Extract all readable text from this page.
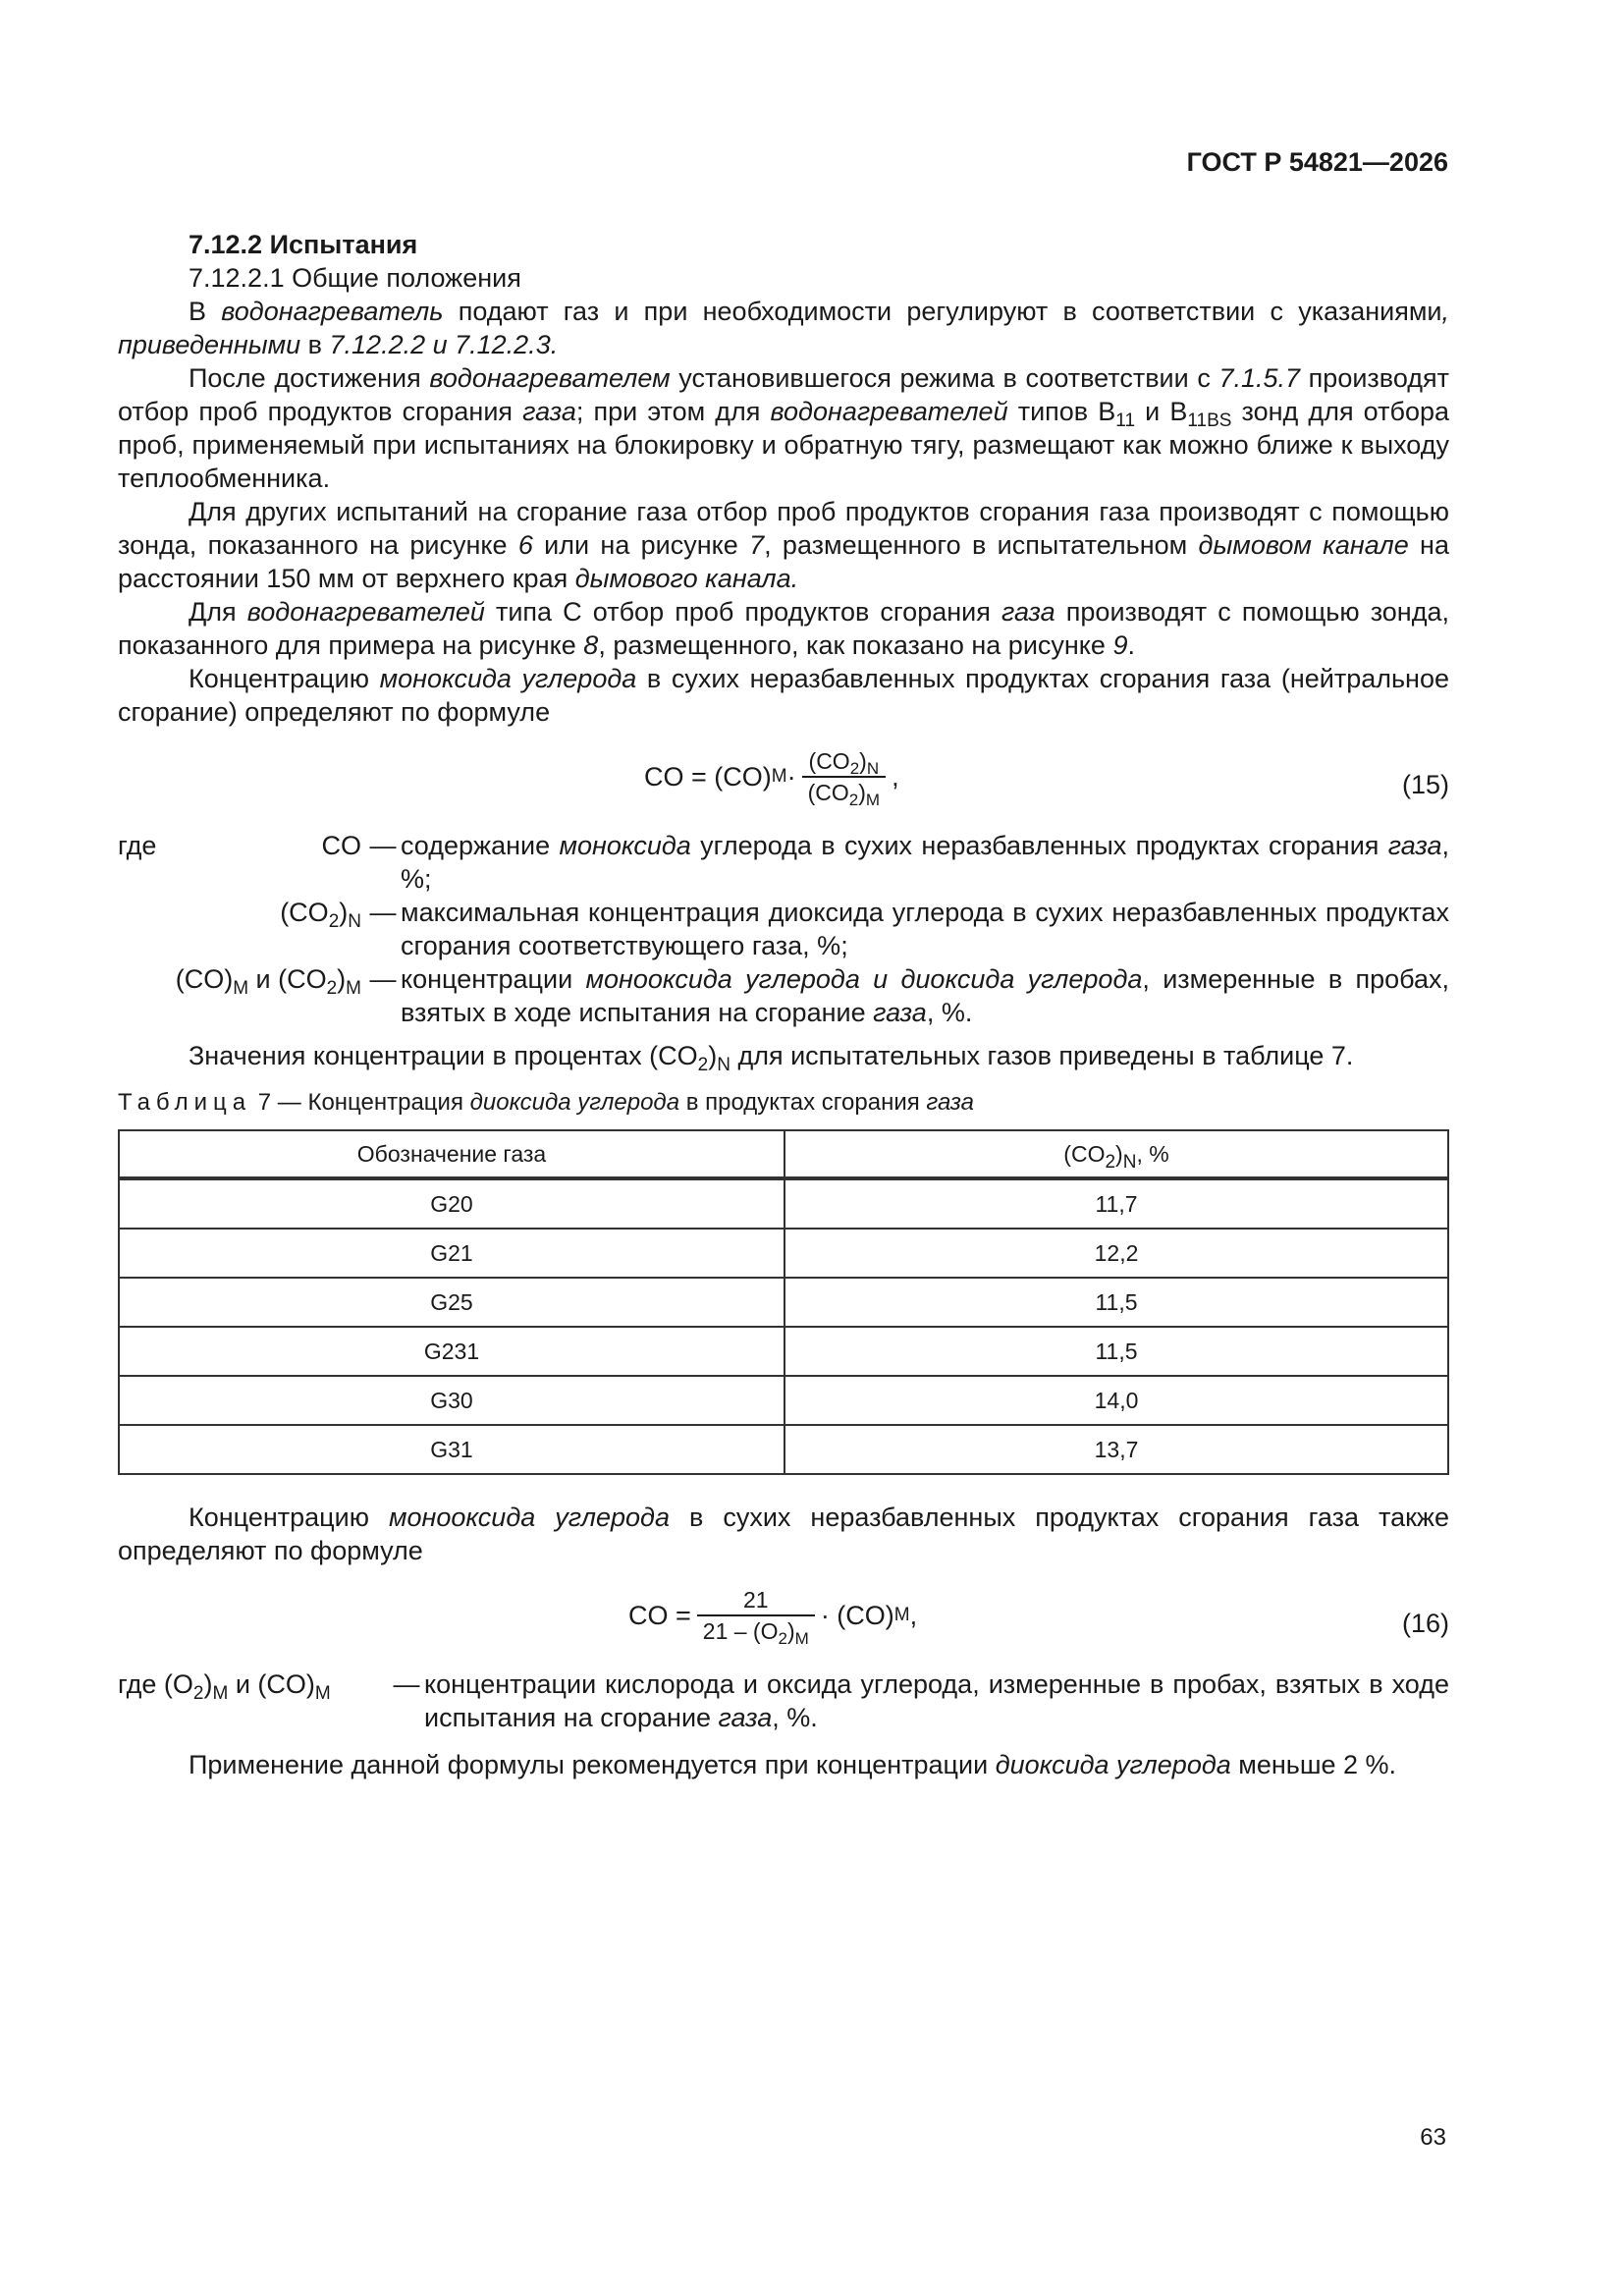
ГОСТ Р 54821—2026
7.12.2 Испытания
7.12.2.1 Общие положения

В водонагреватель подают газ и при необходимости регулируют в соответствии с указаниями, приведенными в 7.12.2.2 и 7.12.2.3.

После достижения водонагревателем установившегося режима в соответствии с 7.1.5.7 производят отбор проб продуктов сгорания газа; при этом для водонагревателей типов $B_{11}$ и $B_{11BS}$ зонд для отбора проб, применяемый при испытаниях на блокировку и обратную тягу, размещают как можно ближе к выходу теплообменника.

Для других испытаний на сгорание газа отбор проб продуктов сгорания газа производят с помощью зонда, показанного на рисунке 6 или на рисунке 7, размещенного в испытательном дымовом канале на расстоянии 150 мм от верхнего края дымового канала.

Для водонагревателей типа С отбор проб продуктов сгорания газа производят с помощью зонда, показанного для примера на рисунке 8, размещенного, как показано на рисунке 9.

Концентрацию моноксида углерода в сухих неразбавленных продуктах сгорания газа (нейтральное сгорание) определяют по формуле

CO = (CO) $M \cdot \frac{(CO_2)_N}{(CO_2)_M}$ ,	(15)
где	CO — содержание моноксида углерода в сухих неразбавленных продуктах сгорания газа, %;
$(CO_2)_N$ — максимальная концентрация диоксида углерода в сухих неразбавленных продуктах сгорания соответствующего газа, %;
$(CO)_M$ и $(CO_2)_M$ — концентрации монооксида углерода и диоксида углерода, измеренные в пробах, взятых в ходе испытания на сгорание газа, %.

Значения концентрации в процентах $(CO_2)_N$ для испытательных газов приведены в таблице 7.

Таблица 7 — Концентрация диоксида углерода в продуктах сгорания газа
Обозначение газа	$(CO_2)_N$, %
G20	11,7
G21	12,2
G25	11,5
G231	11,5
G30	14,0
G31	13,7

Концентрацию монооксида углерода в сухих неразбавленных продуктах сгорания газа также определяют по формуле

CO = $\frac{21}{21 - (O_2)_M} \cdot (CO)$ M ,	(16)
где $(O_2)_M$ и $(CO)_M$	— концентрации кислорода и оксида углерода, измеренные в пробах, взятых в ходе испытания на сгорание газа, %.

Применение данной формулы рекомендуется при концентрации диоксида углерода меньше 2 %.

63
